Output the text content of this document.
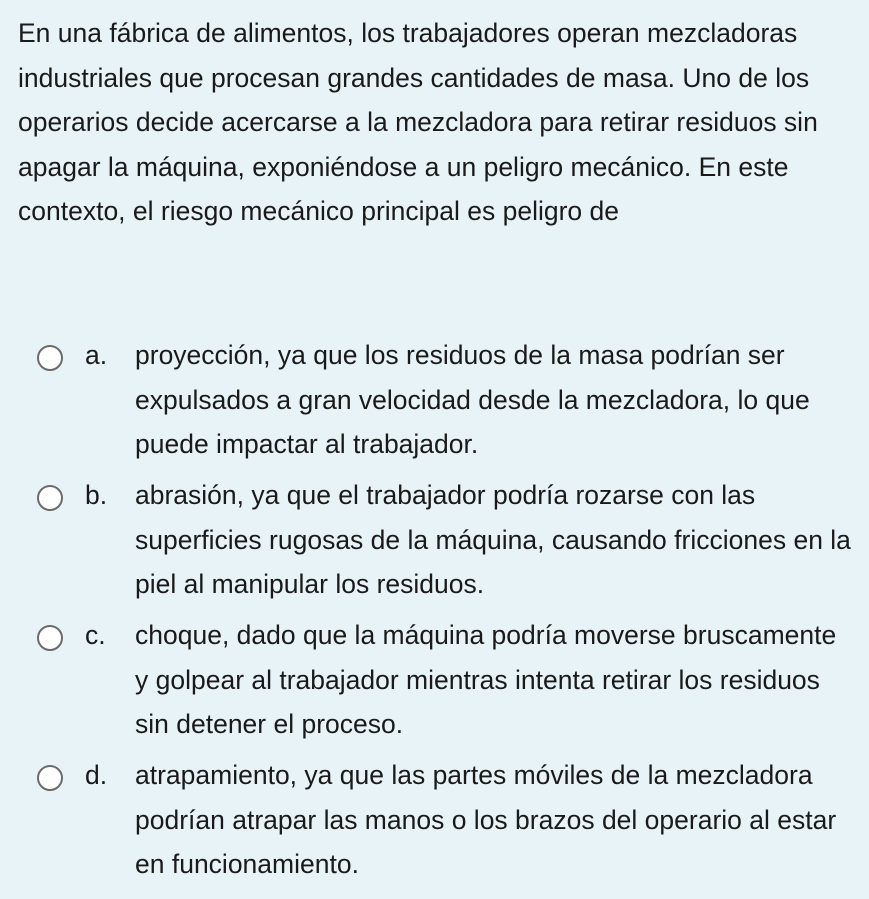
En una fábrica de alimentos, los trabajadores operan mezcladoras industriales que procesan grandes cantidades de masa. Uno de los operarios decide acercarse a la mezcladora para retirar residuos sin apagar la máquina, exponiéndose a un peligro mecánico. En este contexto, el riesgo mecánico principal es peligro de

a. proyección, ya que los residuos de la masa podrían ser expulsados a gran velocidad desde la mezcladora, lo que puede impactar al trabajador.
b. abrasión, ya que el trabajador podría rozarse con las superficies rugosas de la máquina, causando fricciones en la piel al manipular los residuos.
c. choque, dado que la máquina podría moverse bruscamente y golpear al trabajador mientras intenta retirar los residuos sin detener el proceso.
d. atrapamiento, ya que las partes móviles de la mezcladora podrían atrapar las manos o los brazos del operario al estar en funcionamiento.
